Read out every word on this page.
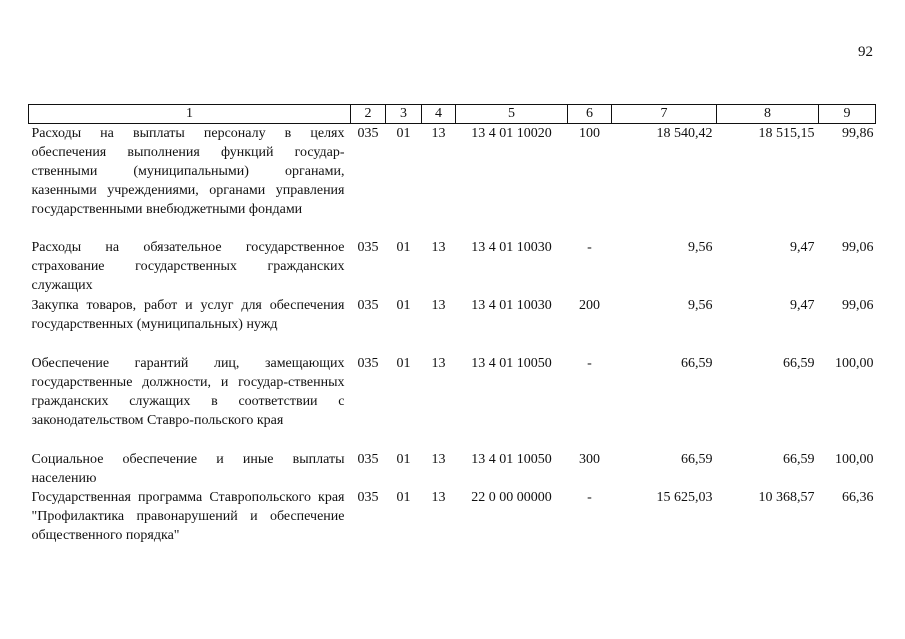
92
1	2	3	4	5	6	7	8	9
Расходы на выплаты персоналу в целях обеспечения выполнения функций государ-ственными (муниципальными) органами, казенными учреждениями, органами управления государственными внебюджетными фондами	035	01	13	13 4 01 10020	100	18 540,42	18 515,15	99,86
Расходы на обязательное государственное страхование государственных гражданских служащих	035	01	13	13 4 01 10030	-	9,56	9,47	99,06
Закупка товаров, работ и услуг для обеспечения государственных (муниципальных) нужд	035	01	13	13 4 01 10030	200	9,56	9,47	99,06
Обеспечение гарантий лиц, замещающих государственные должности, и государ-ственных гражданских служащих в соответствии с законодательством Ставро-польского края	035	01	13	13 4 01 10050	-	66,59	66,59	100,00
Социальное обеспечение и иные выплаты населению	035	01	13	13 4 01 10050	300	66,59	66,59	100,00
Государственная программа Ставропольского края "Профилактика правонарушений и обеспечение общественного порядка"	035	01	13	22 0 00 00000	-	15 625,03	10 368,57	66,36
